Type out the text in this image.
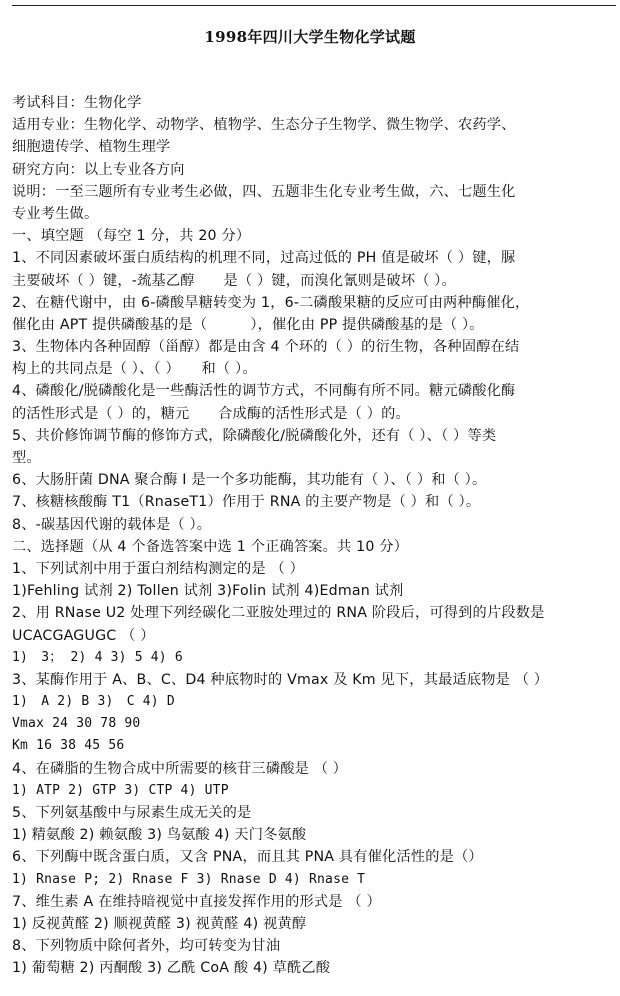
1998年四川大学生物化学试题
考试科目：生物化学
适用专业：生物化学、动物学、植物学、生态分子生物学、微生物学、农药学、
细胞遗传学、植物生理学
研究方向：以上专业各方向
说明：一至三题所有专业考生必做，四、五题非生化专业考生做，六、七题生化
专业考生做。
一、填空题 （每空 1 分，共 20 分）
1、不同因素破坏蛋白质结构的机理不同，过高过低的 PH 值是破坏（ ）键，脲
主要破坏（ ）键，-巯基乙醇　　是（ ）键，而溴化氰则是破坏（ ）。
2、在糖代谢中，由 6-磷酸旱糖转变为 1，6-二磷酸果糖的反应可由两种酶催化，
催化由 APT 提供磷酸基的是（　　　），催化由 PP 提供磷酸基的是（ ）。
3、生物体内各种固醇（甾醇）都是由含 4 个环的（ ）的衍生物，各种固醇在结
构上的共同点是（ ）、（ ）　　和（ ）。
4、磷酸化/脱磷酸化是一些酶活性的调节方式，不同酶有所不同。糖元磷酸化酶
的活性形式是（ ）的，糖元　　合成酶的活性形式是（ ）的。
5、共价修饰调节酶的修饰方式，除磷酸化/脱磷酸化外，还有（ ）、（ ）等类
型。
6、大肠肝菌 DNA 聚合酶 I 是一个多功能酶，其功能有（ ）、（ ）和（ ）。
7、核糖核酸酶 T1（RnaseT1）作用于 RNA 的主要产物是（ ）和（ ）。
8、-碳基因代谢的载体是（ ）。
二、选择题（从 4 个备选答案中选 1 个正确答案。共 10 分）
1、下列试剂中用于蛋白剂结构测定的是 （ ）
1)Fehling 试剂 2) Tollen 试剂 3)Folin 试剂 4)Edman 试剂
2、用 RNase U2 处理下列经碳化二亚胺处理过的 RNA 阶段后，可得到的片段数是
UCACGAGUGC （ ）
1)　3； 2) 4 3) 5 4) 6
3、某酶作用于 A、B、C、D4 种底物时的 Vmax 及 Km 见下，其最适底物是 （ ）
1)　A 2) B 3)　C 4) D
Vmax 24 30 78 90
Km 16 38 45 56
4、在磷脂的生物合成中所需要的核苷三磷酸是 （ ）
1) ATP 2) GTP 3) CTP 4) UTP
5、下列氨基酸中与尿素生成无关的是
1) 精氨酸 2) 赖氨酸 3) 鸟氨酸 4) 天门冬氨酸
6、下列酶中既含蛋白质，又含 PNA，而且其 PNA 具有催化活性的是（）
1) Rnase P; 2) Rnase F 3) Rnase D 4) Rnase T
7、维生素 A 在维持暗视觉中直接发挥作用的形式是 （ ）
1) 反视黄醛 2) 顺视黄醛 3) 视黄醛 4) 视黄醇
8、下列物质中除何者外，均可转变为甘油
1) 葡萄糖 2) 丙酮酸 3) 乙酰 CoA 酸 4) 草酰乙酸
